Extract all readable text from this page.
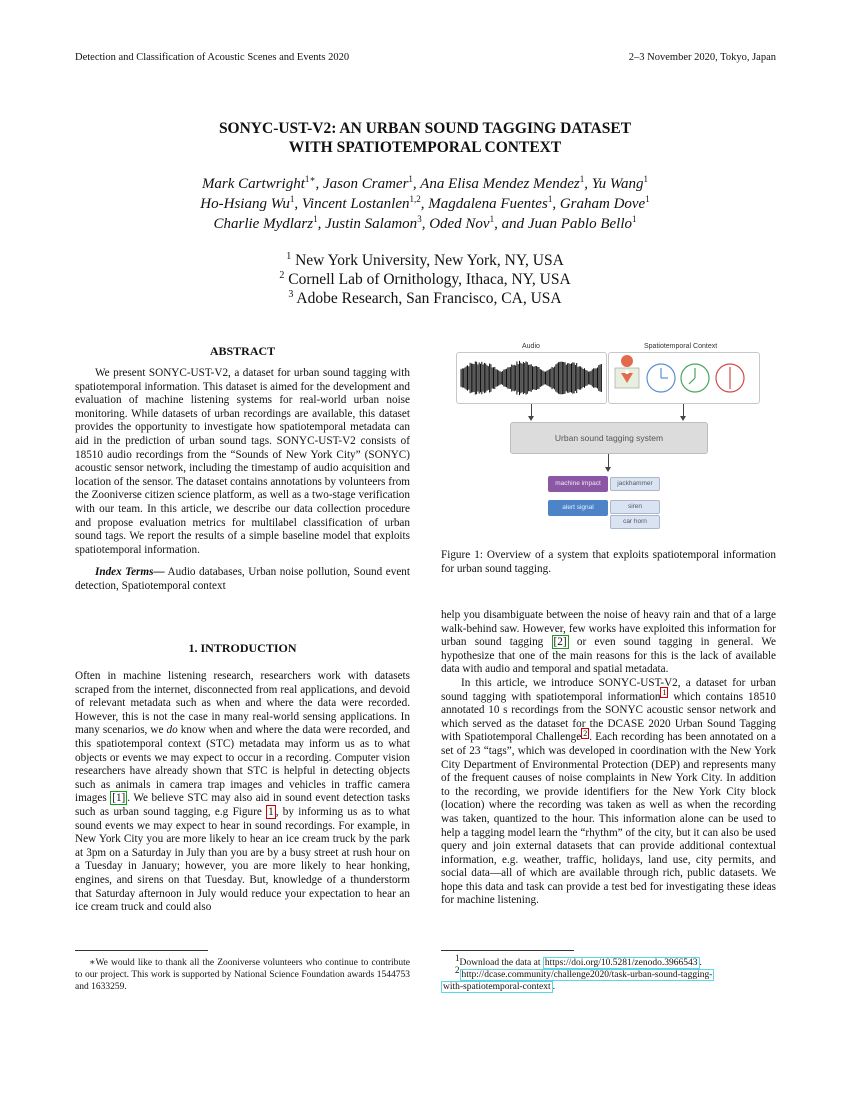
Detection and Classification of Acoustic Scenes and Events 2020	2–3 November 2020, Tokyo, Japan
SONYC-UST-V2: AN URBAN SOUND TAGGING DATASET
WITH SPATIOTEMPORAL CONTEXT
Mark Cartwright$^{1∗}$, Jason Cramer$^1$, Ana Elisa Mendez Mendez$^1$, Yu Wang$^1$
Ho-Hsiang Wu$^1$, Vincent Lostanlen$^{1,2}$, Magdalena Fuentes$^1$, Graham Dove$^1$
Charlie Mydlarz$^1$, Justin Salamon$^3$, Oded Nov$^1$, and Juan Pablo Bello$^1$
$^1$ New York University, New York, NY, USA
$^2$ Cornell Lab of Ornithology, Ithaca, NY, USA
$^3$ Adobe Research, San Francisco, CA, USA
ABSTRACT

We present SONYC-UST-V2, a dataset for urban sound tagging with spatiotemporal information. This dataset is aimed for the development and evaluation of machine listening systems for real-world urban noise monitoring. While datasets of urban recordings are available, this dataset provides the opportunity to investigate how spatiotemporal metadata can aid in the prediction of urban sound tags. SONYC-UST-V2 consists of 18510 audio recordings from the “Sounds of New York City” (SONYC) acoustic sensor network, including the timestamp of audio acquisition and location of the sensor. The dataset contains annotations by volunteers from the Zooniverse citizen science platform, as well as a two-stage verification with our team. In this article, we describe our data collection procedure and propose evaluation metrics for multilabel classification of urban sound tags. We report the results of a simple baseline model that exploits spatiotemporal information.

Index Terms— Audio databases, Urban noise pollution, Sound event detection, Spatiotemporal context

1. INTRODUCTION

Often in machine listening research, researchers work with datasets scraped from the internet, disconnected from real applications, and devoid of relevant metadata such as when and where the data were recorded. However, this is not the case in many real-world sensing applications. In many scenarios, we do know when and where the data were recorded, and this spatiotemporal context (STC) metadata may inform us as to what objects or events we may expect to occur in a recording. Computer vision researchers have already shown that STC is helpful in detecting objects such as animals in camera trap images and vehicles in traffic camera images [1] . We believe STC may also aid in sound event detection tasks such as urban sound tagging, e.g Figure 1 , by informing us as to what sound events we may expect to hear in sound recordings. For example, in New York City you are more likely to hear an ice cream truck by the park at 3pm on a Saturday in July than you are by a busy street at rush hour on a Tuesday in January; however, you are more likely to hear honking, engines, and sirens on that Tuesday. But, knowledge of a thunderstorm that Saturday afternoon in July would reduce your expectation to hear an ice cream truck and could also

∗We would like to thank all the Zooniverse volunteers who continue to contribute to our project. This work is supported by National Science Foundation awards 1544753 and 1633259.

Audio	Spatiotemporal Context
Urban sound tagging system
machine impact	jackhammer
alert signal	siren
car horn
Figure 1: Overview of a system that exploits spatiotemporal information for urban sound tagging.

help you disambiguate between the noise of heavy rain and that of a large walk-behind saw. However, few works have exploited this information for urban sound tagging [2] or even sound tagging in general. We hypothesize that one of the main reasons for this is the lack of available data with audio and temporal and spatial metadata.

In this article, we introduce SONYC-UST-V2, a dataset for urban sound tagging with spatiotemporal information $^1$ which contains 18510 annotated 10 s recordings from the SONYC acoustic sensor network and which served as the dataset for the DCASE 2020 Urban Sound Tagging with Spatiotemporal Challenge $^2$ . Each recording has been annotated on a set of 23 “tags”, which was developed in coordination with the New York City Department of Environmental Protection (DEP) and represents many of the frequent causes of noise complaints in New York City. In addition to the recording, we provide identifiers for the New York City block (location) where the recording was taken as well as when the recording was taken, quantized to the hour. This information alone can be used to help a tagging model learn the “rhythm” of the city, but it can also be used query and join external datasets that can provide additional contextual information, e.g. weather, traffic, holidays, land use, city permits, and social data—all of which are available through rich, public datasets. We hope this data and task can provide a test bed for investigating these ideas for machine listening.

$^1$Download the data at https://doi.org/10.5281/zenodo.3966543 .

$^2$http://dcase.community/challenge2020/task-urban-sound-tagging-
with-spatiotemporal-context .
